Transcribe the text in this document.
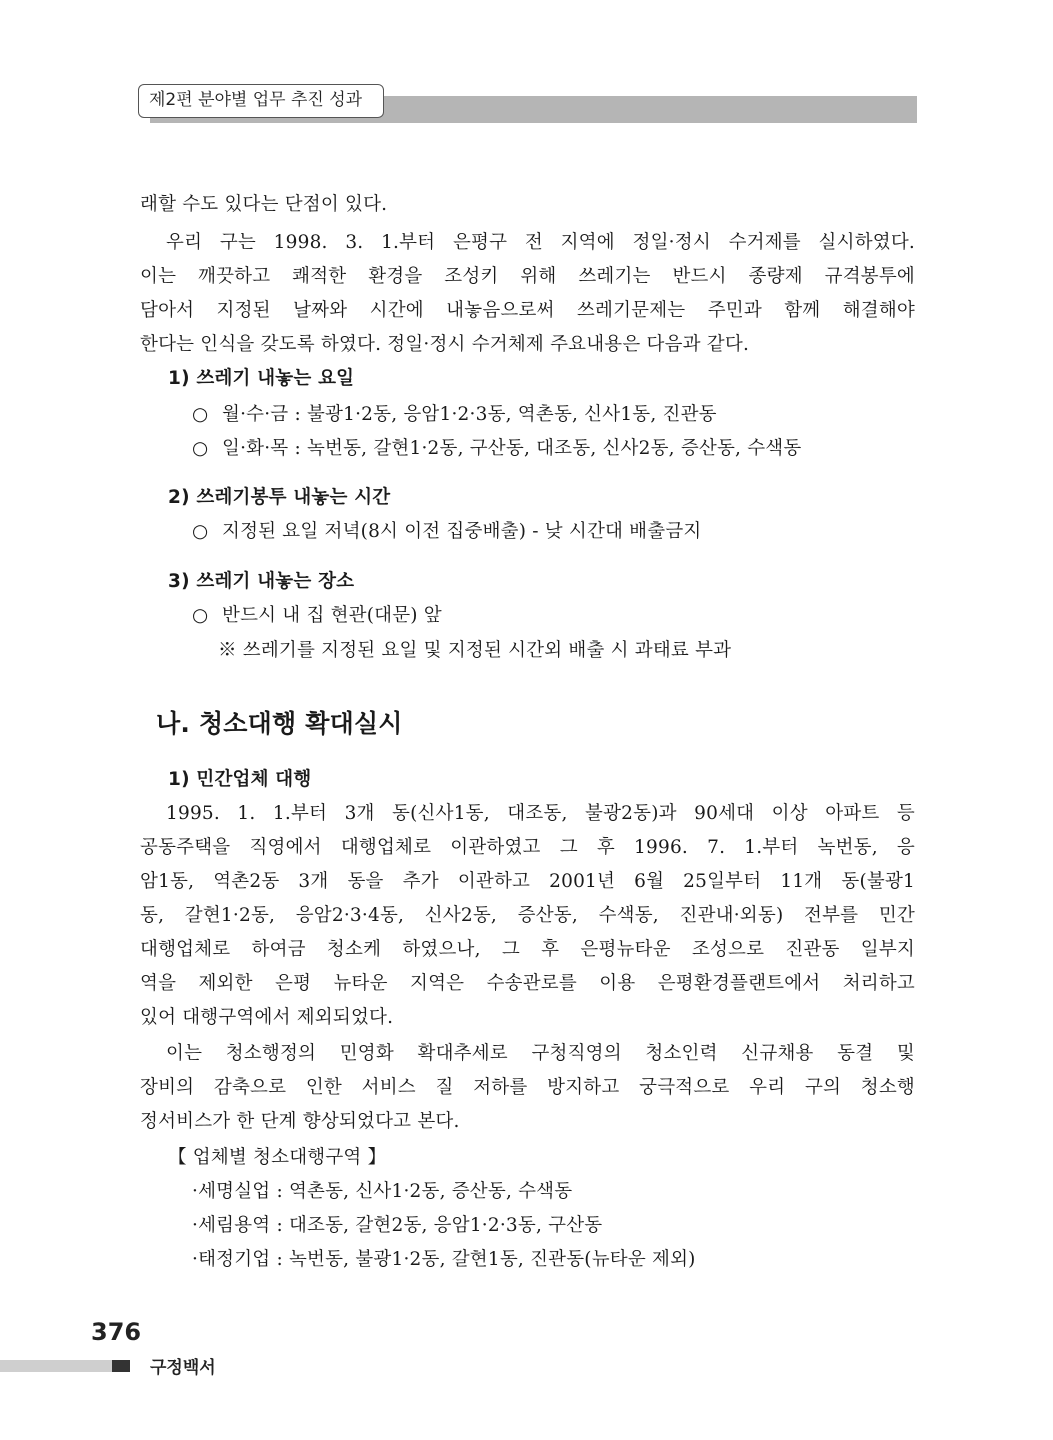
제2편 분야별 업무 추진 성과
래할 수도 있다는 단점이 있다.
우리 구는 1998. 3. 1.부터 은평구 전 지역에 정일·정시 수거제를 실시하였다.
이는 깨끗하고 쾌적한 환경을 조성키 위해 쓰레기는 반드시 종량제 규격봉투에
담아서 지정된 날짜와 시간에 내놓음으로써 쓰레기문제는 주민과 함께 해결해야
한다는 인식을 갖도록 하였다. 정일·정시 수거체제 주요내용은 다음과 같다.
1) 쓰레기 내놓는 요일
○ 월·수·금 : 불광1·2동, 응암1·2·3동, 역촌동, 신사1동, 진관동
○ 일·화·목 : 녹번동, 갈현1·2동, 구산동, 대조동, 신사2동, 증산동, 수색동
2) 쓰레기봉투 내놓는 시간
○ 지정된 요일 저녁(8시 이전 집중배출) - 낮 시간대 배출금지
3) 쓰레기 내놓는 장소
○ 반드시 내 집 현관(대문) 앞
※ 쓰레기를 지정된 요일 및 지정된 시간외 배출 시 과태료 부과
나. 청소대행 확대실시
1) 민간업체 대행
1995. 1. 1.부터 3개 동(신사1동, 대조동, 불광2동)과 90세대 이상 아파트 등
공동주택을 직영에서 대행업체로 이관하였고 그 후 1996. 7. 1.부터 녹번동, 응
암1동, 역촌2동 3개 동을 추가 이관하고 2001년 6월 25일부터 11개 동(불광1
동, 갈현1·2동, 응암2·3·4동, 신사2동, 증산동, 수색동, 진관내·외동) 전부를 민간
대행업체로 하여금 청소케 하였으나, 그 후 은평뉴타운 조성으로 진관동 일부지
역을 제외한 은평 뉴타운 지역은 수송관로를 이용 은평환경플랜트에서 처리하고
있어 대행구역에서 제외되었다.
이는 청소행정의 민영화 확대추세로 구청직영의 청소인력 신규채용 동결 및
장비의 감축으로 인한 서비스 질 저하를 방지하고 궁극적으로 우리 구의 청소행
정서비스가 한 단계 향상되었다고 본다.
【 업체별 청소대행구역 】
·세명실업 : 역촌동, 신사1·2동, 증산동, 수색동
·세림용역 : 대조동, 갈현2동, 응암1·2·3동, 구산동
·태정기업 : 녹번동, 불광1·2동, 갈현1동, 진관동(뉴타운 제외)
376
구정백서
